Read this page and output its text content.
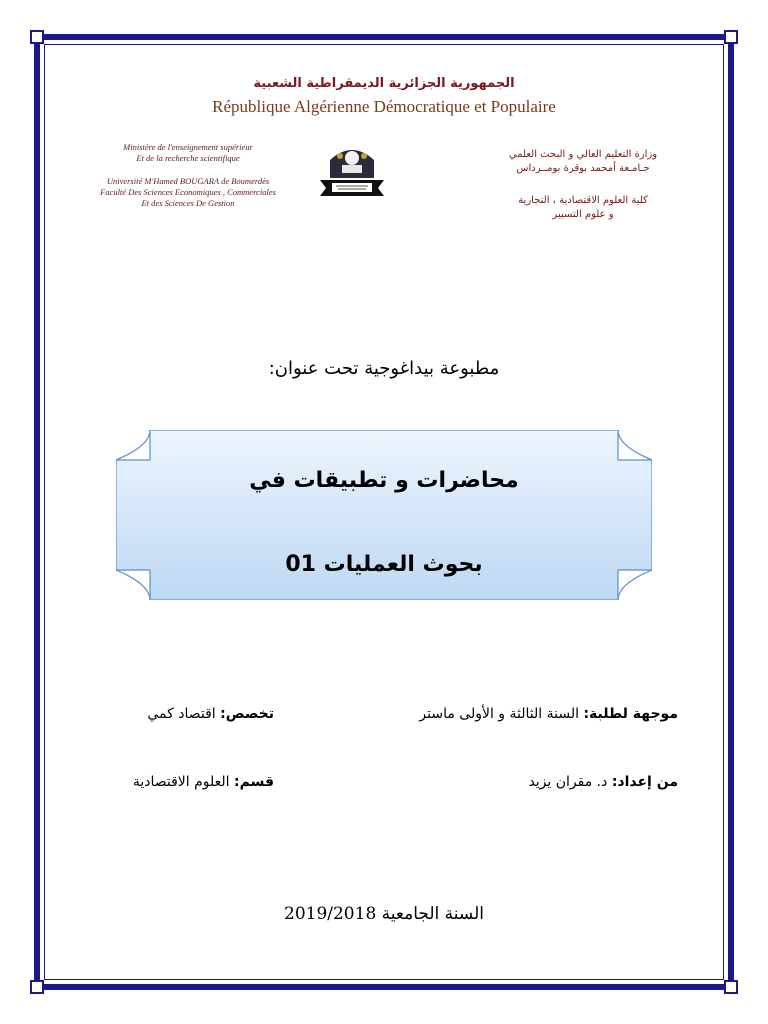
الجمهورية الجزائرية الديمقراطية الشعبية
République Algérienne Démocratique et Populaire
Ministère de l'enseignement supérieur
Et de la recherche scientifique
Université M'Hamed BOUGARA de Boumerdès
Faculté Des Sciences Economiques , Commerciales
Et des Sciences De Gestion
وزارة التعليم العالي و البحث العلمي
جـامـعة أمحمد بوقرة بومــرداس
كلية العلوم الاقتصادية ، التجارية
و علوم التسيير
مطبوعة بيداغوجية تحت عنوان:
محاضرات و تطبيقات في
بحوث العمليات 01
موجهة لطلبة: السنة الثالثة و الأولى ماستر
تخصص: اقتصاد كمي
من إعداد: د. مقران يزيد
قسم: العلوم الاقتصادية
السنة الجامعية 2019/2018
